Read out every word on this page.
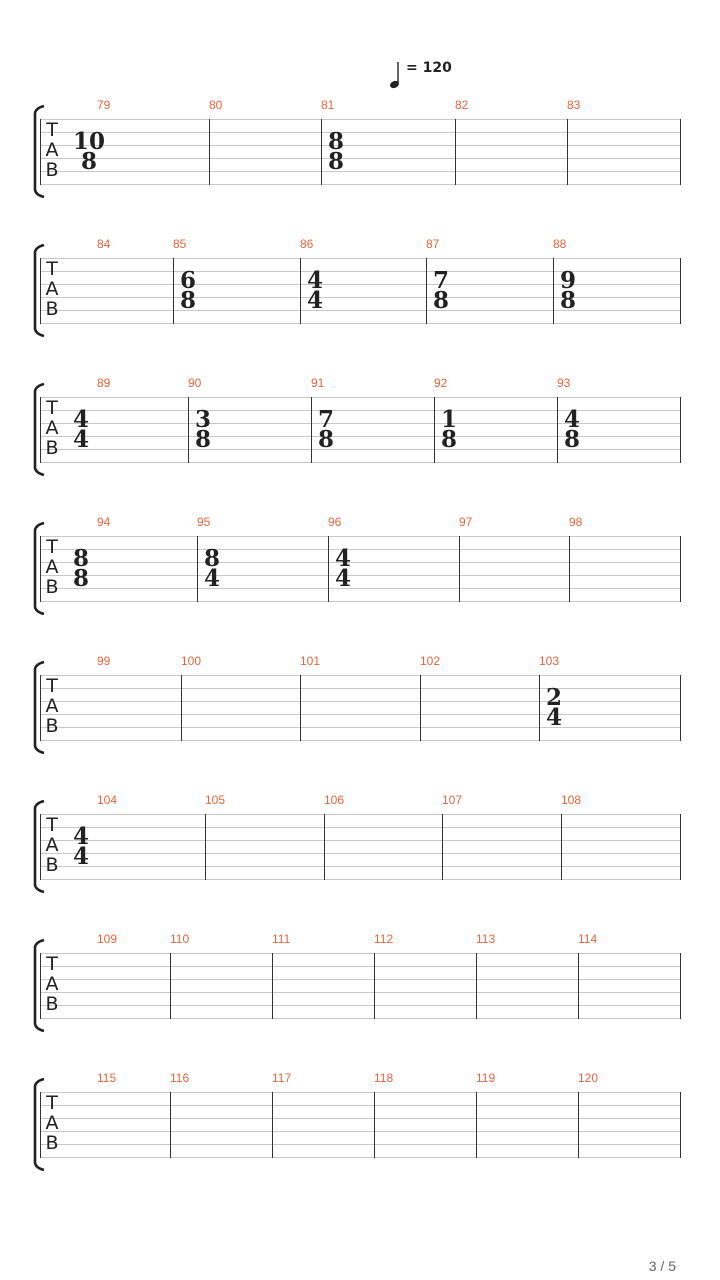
= 120
T
A
B
79
10
8
80	81
8
8
82	83
T
A
B
84	85
6
8
86
4
4
87
7
8
88
9
8
T
A
B
89
4
4
90
3
8
91
7
8
92
1
8
93
4
8
T
A
B
94
8
8
95
8
4
96
4
4
97	98
T
A
B
99	100	101	102	103
2
4
T
A
B
104
4
4
105	106	107	108
T
A
B
109	110	111	112	113	114
T
A
B
115	116	117	118	119	120
3 / 5
